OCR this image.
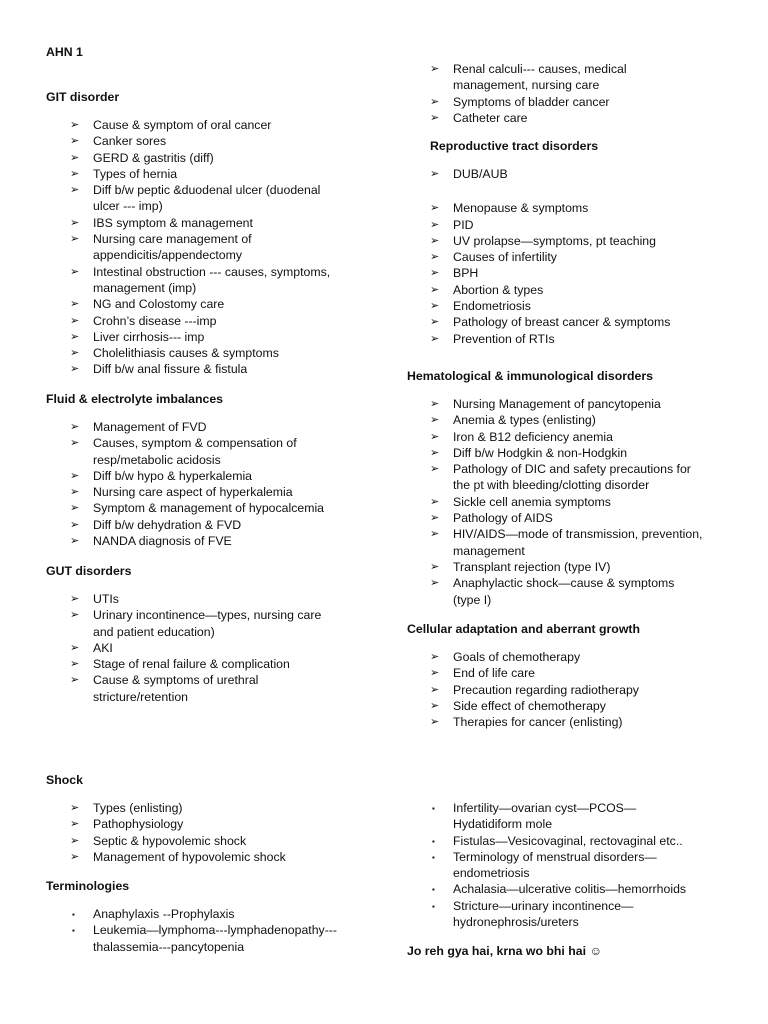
AHN 1
GIT disorder
➢ Cause & symptom of oral cancer
➢ Canker sores
➢ GERD & gastritis (diff)
➢ Types of hernia
➢ Diff b/w peptic &duodenal ulcer (duodenal ulcer --- imp)
➢ IBS symptom & management
➢ Nursing care management of appendicitis/appendectomy
➢ Intestinal obstruction --- causes, symptoms, management (imp)
➢ NG and Colostomy care
➢ Crohn’s disease ---imp
➢ Liver cirrhosis--- imp
➢ Cholelithiasis causes & symptoms
➢ Diff b/w anal fissure & fistula
Fluid & electrolyte imbalances
➢ Management of FVD
➢ Causes, symptom & compensation of resp/metabolic acidosis
➢ Diff b/w hypo & hyperkalemia
➢ Nursing care aspect of hyperkalemia
➢ Symptom & management of hypocalcemia
➢ Diff b/w dehydration & FVD
➢ NANDA diagnosis of FVE
GUT disorders
➢ UTIs
➢ Urinary incontinence—types, nursing care and patient education)
➢ AKI
➢ Stage of renal failure & complication
➢ Cause & symptoms of urethral stricture/retention
Shock
➢ Types (enlisting)
➢ Pathophysiology
➢ Septic & hypovolemic shock
➢ Management of hypovolemic shock
Terminologies
▪ Anaphylaxis --Prophylaxis
▪ Leukemia—lymphoma---lymphadenopathy---thalassemia---pancytopenia
➢ Renal calculi--- causes, medical management, nursing care
➢ Symptoms of bladder cancer
➢ Catheter care
Reproductive tract disorders
➢ DUB/AUB
➢ Menopause & symptoms
➢ PID
➢ UV prolapse—symptoms, pt teaching
➢ Causes of infertility
➢ BPH
➢ Abortion & types
➢ Endometriosis
➢ Pathology of breast cancer & symptoms
➢ Prevention of RTIs
Hematological & immunological disorders
➢ Nursing Management of pancytopenia
➢ Anemia & types (enlisting)
➢ Iron & B12 deficiency anemia
➢ Diff b/w Hodgkin & non-Hodgkin
➢ Pathology of DIC and safety precautions for the pt with bleeding/clotting disorder
➢ Sickle cell anemia symptoms
➢ Pathology of AIDS
➢ HIV/AIDS—mode of transmission, prevention, management
➢ Transplant rejection (type IV)
➢ Anaphylactic shock—cause & symptoms (type I)
Cellular adaptation and aberrant growth
➢ Goals of chemotherapy
➢ End of life care
➢ Precaution regarding radiotherapy
➢ Side effect of chemotherapy
➢ Therapies for cancer (enlisting)
▪ Infertility—ovarian cyst—PCOS—Hydatidiform mole
▪ Fistulas—Vesicovaginal, rectovaginal etc..
▪ Terminology of menstrual disorders—endometriosis
▪ Achalasia—ulcerative colitis—hemorrhoids
▪ Stricture—urinary incontinence—hydronephrosis/ureters
Jo reh gya hai, krna wo bhi hai ☺
